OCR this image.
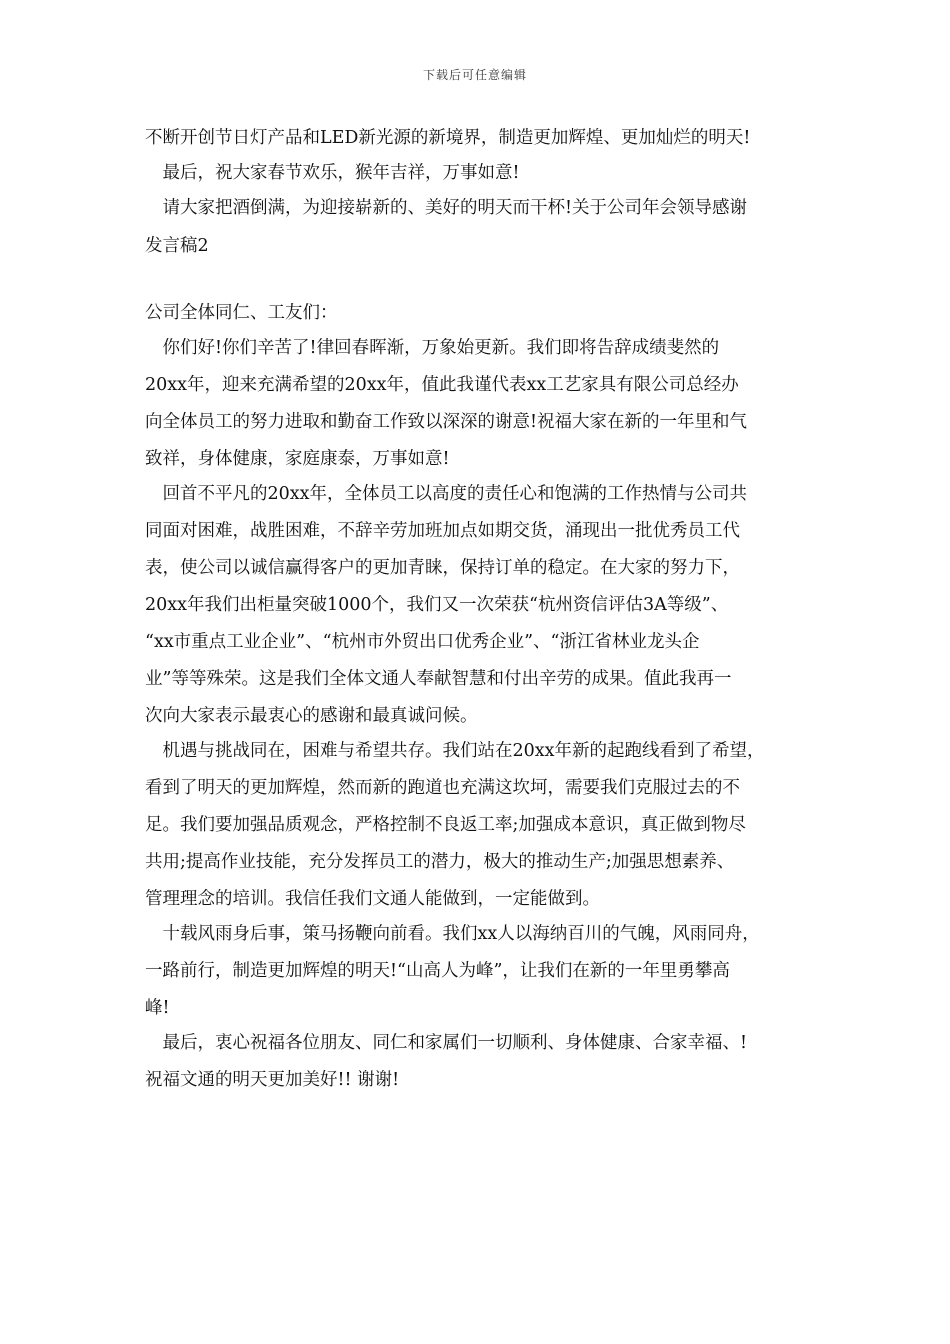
下载后可任意编辑
不断开创节日灯产品和LED新光源的新境界，制造更加辉煌、更加灿烂的明天!
　最后，祝大家春节欢乐，猴年吉祥，万事如意!
　请大家把酒倒满，为迎接崭新的、美好的明天而干杯!关于公司年会领导感谢
发言稿2
公司全体同仁、工友们：
　你们好!你们辛苦了!律回春晖渐，万象始更新。我们即将告辞成绩斐然的
20xx年，迎来充满希望的20xx年，值此我谨代表xx工艺家具有限公司总经办
向全体员工的努力进取和勤奋工作致以深深的谢意!祝福大家在新的一年里和气
致祥，身体健康，家庭康泰，万事如意!
　回首不平凡的20xx年，全体员工以高度的责任心和饱满的工作热情与公司共
同面对困难，战胜困难，不辞辛劳加班加点如期交货，涌现出一批优秀员工代
表，使公司以诚信赢得客户的更加青睐，保持订单的稳定。在大家的努力下，
20xx年我们出柜量突破1000个，我们又一次荣获“杭州资信评估3A等级”、
“xx市重点工业企业”、“杭州市外贸出口优秀企业”、“浙江省林业龙头企
业”等等殊荣。这是我们全体文通人奉献智慧和付出辛劳的成果。值此我再一
次向大家表示最衷心的感谢和最真诚问候。
　机遇与挑战同在，困难与希望共存。我们站在20xx年新的起跑线看到了希望，
看到了明天的更加辉煌，然而新的跑道也充满这坎坷，需要我们克服过去的不
足。我们要加强品质观念，严格控制不良返工率;加强成本意识，真正做到物尽
共用;提高作业技能，充分发挥员工的潜力，极大的推动生产;加强思想素养、
管理理念的培训。我信任我们文通人能做到，一定能做到。
　十载风雨身后事，策马扬鞭向前看。我们xx人以海纳百川的气魄，风雨同舟，
一路前行，制造更加辉煌的明天!“山高人为峰”，让我们在新的一年里勇攀高
峰!
　最后，衷心祝福各位朋友、同仁和家属们一切顺利、身体健康、合家幸福、!
祝福文通的明天更加美好!! 谢谢!
